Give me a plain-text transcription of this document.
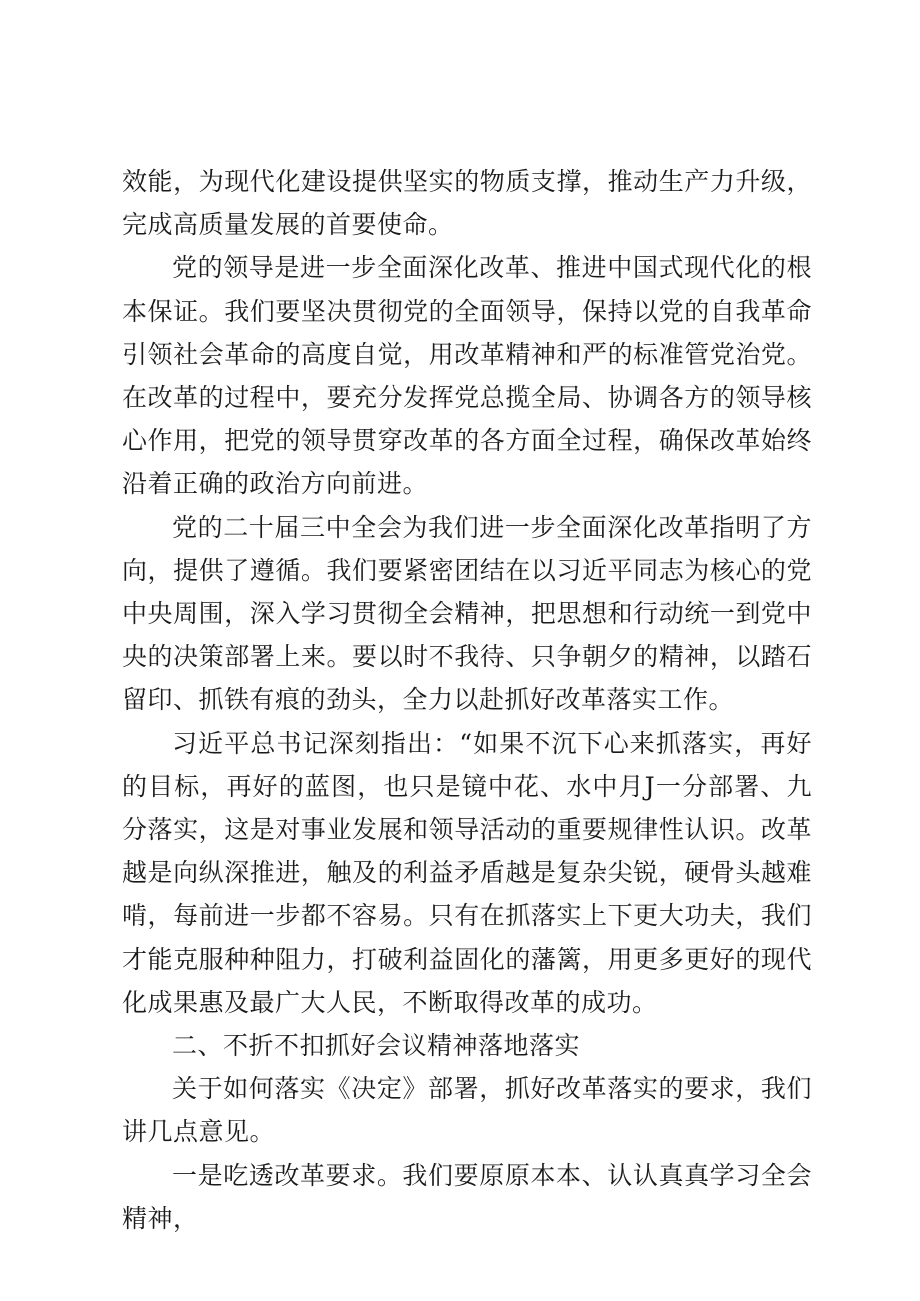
效能，为现代化建设提供坚实的物质支撑，推动生产力升级，完成高质量发展的首要使命。

党的领导是进一步全面深化改革、推进中国式现代化的根本保证。我们要坚决贯彻党的全面领导，保持以党的自我革命引领社会革命的高度自觉，用改革精神和严的标准管党治党。在改革的过程中，要充分发挥党总揽全局、协调各方的领导核心作用，把党的领导贯穿改革的各方面全过程，确保改革始终沿着正确的政治方向前进。

党的二十届三中全会为我们进一步全面深化改革指明了方向，提供了遵循。我们要紧密团结在以习近平同志为核心的党中央周围，深入学习贯彻全会精神，把思想和行动统一到党中央的决策部署上来。要以时不我待、只争朝夕的精神，以踏石留印、抓铁有痕的劲头，全力以赴抓好改革落实工作。

习近平总书记深刻指出：“如果不沉下心来抓落实，再好的目标，再好的蓝图，也只是镜中花、水中月J一分部署、九分落实，这是对事业发展和领导活动的重要规律性认识。改革越是向纵深推进，触及的利益矛盾越是复杂尖锐，硬骨头越难啃，每前进一步都不容易。只有在抓落实上下更大功夫，我们才能克服种种阻力，打破利益固化的藩篱，用更多更好的现代化成果惠及最广大人民，不断取得改革的成功。

二、不折不扣抓好会议精神落地落实

关于如何落实《决定》部署，抓好改革落实的要求，我们讲几点意见。

一是吃透改革要求。我们要原原本本、认认真真学习全会精神，
